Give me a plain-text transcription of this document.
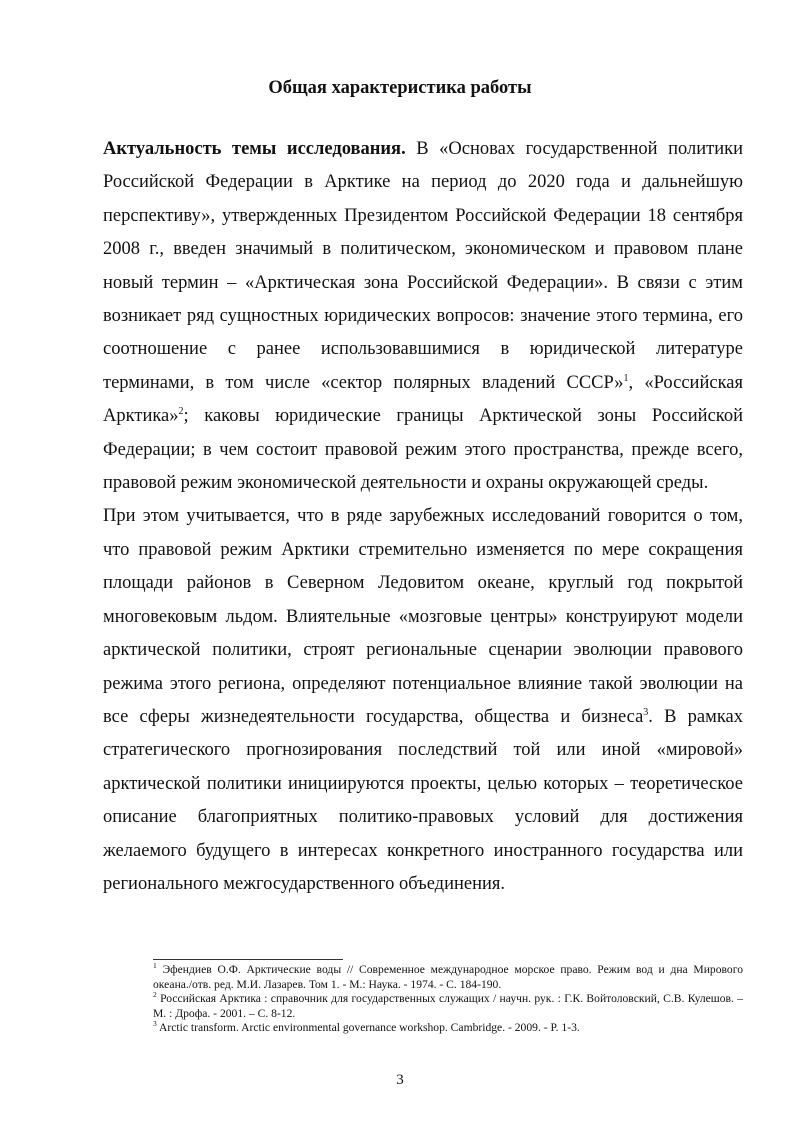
Общая характеристика работы

Актуальность темы исследования. В «Основах государственной политики Российской Федерации в Арктике на период до 2020 года и дальнейшую перспективу», утвержденных Президентом Российской Федерации 18 сентября 2008 г., введен значимый в политическом, экономическом и правовом плане новый термин – «Арктическая зона Российской Федерации». В связи с этим возникает ряд сущностных юридических вопросов: значение этого термина, его соотношение с ранее использовавшимися в юридической литературе терминами, в том числе «сектор полярных владений СССР»$^1$, «Российская Арктика»$^2$; каковы юридические границы Арктической зоны Российской Федерации; в чем состоит правовой режим этого пространства, прежде всего, правовой режим экономической деятельности и охраны окружающей среды.

При этом учитывается, что в ряде зарубежных исследований говорится о том, что правовой режим Арктики стремительно изменяется по мере сокращения площади районов в Северном Ледовитом океане, круглый год покрытой многовековым льдом. Влиятельные «мозговые центры» конструируют модели арктической политики, строят региональные сценарии эволюции правового режима этого региона, определяют потенциальное влияние такой эволюции на все сферы жизнедеятельности государства, общества и бизнеса$^3$. В рамках стратегического прогнозирования последствий той или иной «мировой» арктической политики инициируются проекты, целью которых – теоретическое описание благоприятных политико-правовых условий для достижения желаемого будущего в интересах конкретного иностранного государства или регионального межгосударственного объединения.

$^1$ Эфендиев О.Ф. Арктические воды // Современное международное морское право. Режим вод и дна Мирового океана./отв. ред. М.И. Лазарев. Том 1. - М.: Наука. - 1974. - С. 184-190.

$^2$ Российская Арктика : справочник для государственных служащих / научн. рук. : Г.К. Войтоловский, С.В. Кулешов. – М. : Дрофа. - 2001. – С. 8-12.

$^3$ Arctic transform. Arctic environmental governance workshop. Cambridge. - 2009. - P. 1-3.

3
